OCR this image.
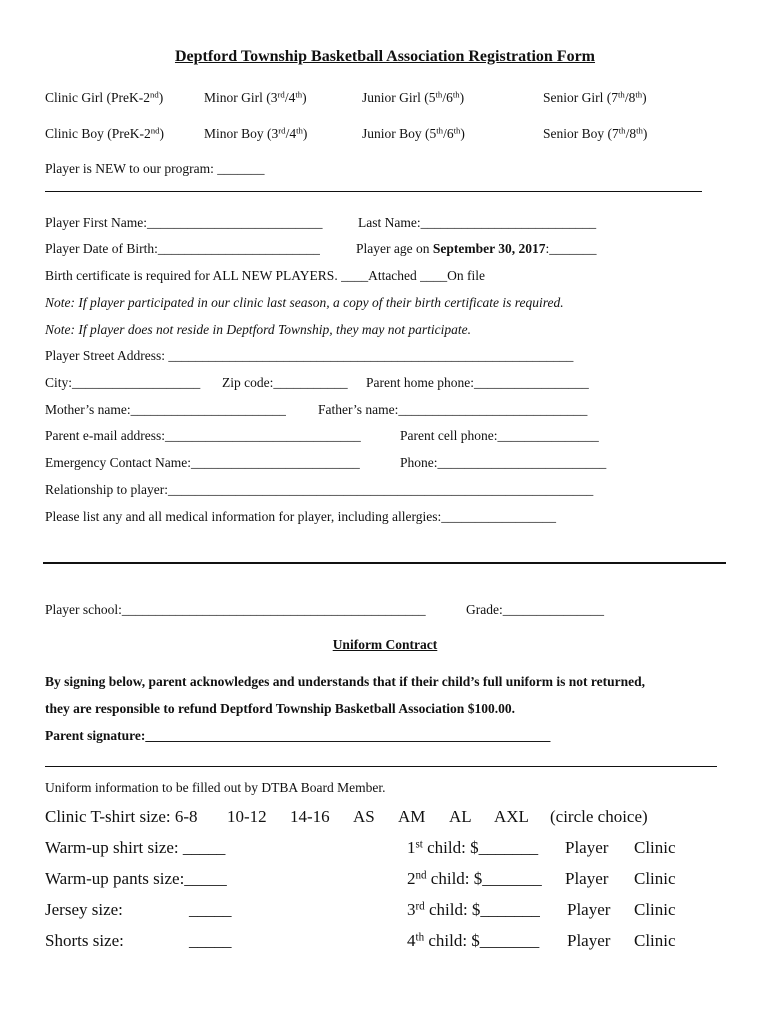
Deptford Township Basketball Association Registration Form
Clinic Girl (PreK-2nd)	Minor Girl (3rd/4th)	Junior Girl (5th/6th)	Senior Girl (7th/8th)
Clinic Boy (PreK-2nd)	Minor Boy (3rd/4th)	Junior Boy (5th/6th)	Senior Boy (7th/8th)
Player is NEW to our program: _______
Player First Name:__________________________	Last Name:__________________________
Player Date of Birth:________________________	Player age on September 30, 2017:_______
Birth certificate is required for ALL NEW PLAYERS. ____Attached ____On file
Note: If player participated in our clinic last season, a copy of their birth certificate is required.
Note: If player does not reside in Deptford Township, they may not participate.
Player Street Address: ____________________________________________________________
City:___________________ Zip code:___________ Parent home phone:_________________
Mother’s name:_______________________ Father’s name:____________________________
Parent e-mail address:_____________________________	Parent cell phone:_______________
Emergency Contact Name:_________________________	Phone:_________________________
Relationship to player:_______________________________________________________________
Please list any and all medical information for player, including allergies:_________________
Player school:_____________________________________________	Grade:_______________
Uniform Contract
By signing below, parent acknowledges and understands that if their child’s full uniform is not returned,
they are responsible to refund Deptford Township Basketball Association $100.00.
Parent signature:____________________________________________________________
Uniform information to be filled out by DTBA Board Member.
Clinic T-shirt size: 6-8 10-12 14-16 AS AM AL AXL (circle choice)
Warm-up shirt size: _____	1st child: $_______ Player Clinic
Warm-up pants size:_____	2nd child: $_______ Player Clinic
Jersey size:	_____	3rd child: $_______ Player Clinic
Shorts size:	_____	4th child: $_______ Player Clinic
